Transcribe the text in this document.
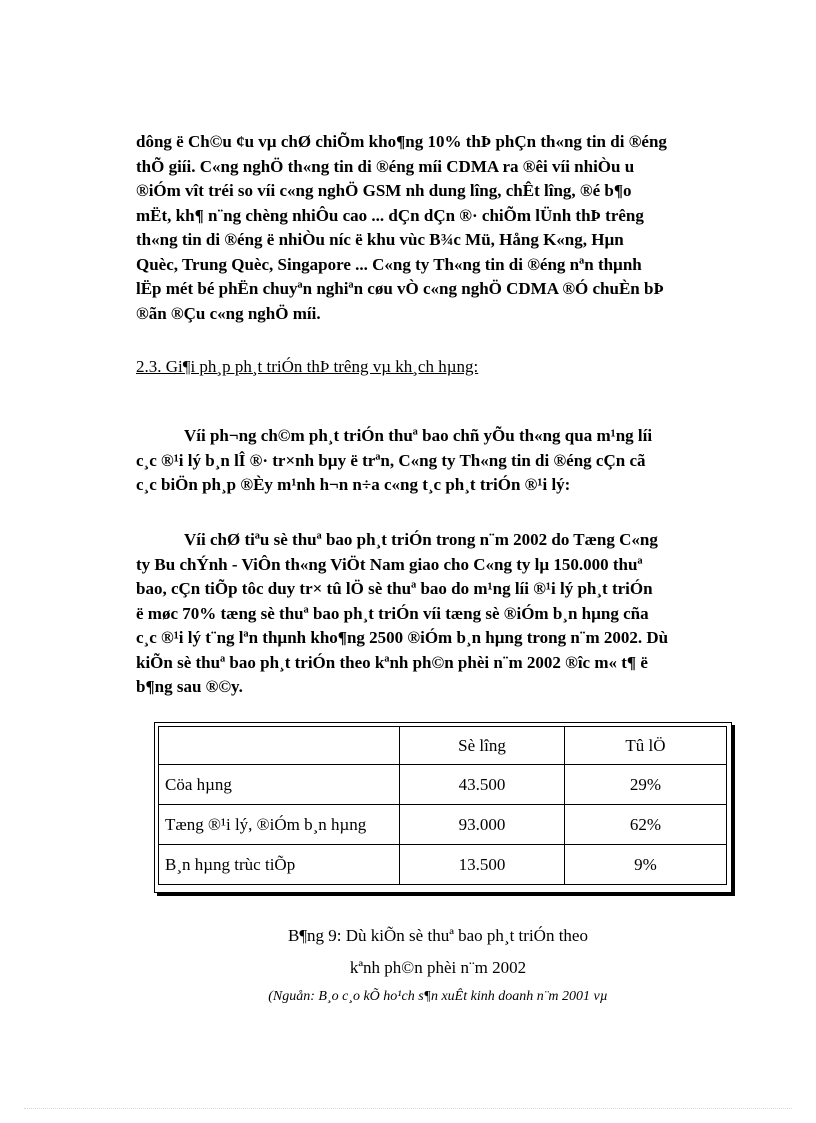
dông ë Ch©u ¢u vµ chØ chiÕm kho¶ng 10% thÞ phÇn th«ng tin di ®éng
thÕ giíi. C«ng nghÖ th«ng tin di ®éng míi CDMA ra ®êi víi nhiÒu u
®iÓm vît tréi so víi c«ng nghÖ GSM nh dung lîng, chÊt lîng, ®é b¶o
mËt, kh¶ n¨ng chèng nhiÔu cao ... dÇn dÇn ®· chiÕm lÜnh thÞ trêng
th«ng tin di ®éng ë nhiÒu níc ë khu vùc B¾c Mü, Hång K«ng, Hµn
Quèc, Trung Quèc, Singapore ... C«ng ty Th«ng tin di ®éng nªn thµnh
lËp mét bé phËn chuyªn nghiªn cøu vÒ c«ng nghÖ CDMA ®Ó chuÈn bÞ
®ãn ®Çu c«ng nghÖ míi.

2.3. Gi¶i ph¸p ph¸t triÓn thÞ trêng vµ kh¸ch hµng:

Víi ph¬ng ch©m ph¸t triÓn thuª bao chñ yÕu th«ng qua m¹ng líi
c¸c ®¹i lý b¸n lÎ ®· tr×nh bµy ë trªn, C«ng ty Th«ng tin di ®éng cÇn cã
c¸c biÖn ph¸p ®Èy m¹nh h¬n n÷a c«ng t¸c ph¸t triÓn ®¹i lý:

Víi chØ tiªu sè thuª bao ph¸t triÓn trong n¨m 2002 do Tæng C«ng
ty Bu chÝnh - ViÔn th«ng ViÖt Nam giao cho C«ng ty lµ 150.000 thuª
bao, cÇn tiÕp tôc duy tr× tû lÖ sè thuª bao do m¹ng líi ®¹i lý ph¸t triÓn
ë møc 70% tæng sè thuª bao ph¸t triÓn víi tæng sè ®iÓm b¸n hµng cña
c¸c ®¹i lý t¨ng lªn thµnh kho¶ng 2500 ®iÓm b¸n hµng trong n¨m 2002. Dù
kiÕn sè thuª bao ph¸t triÓn theo kªnh ph©n phèi n¨m 2002 ®îc m« t¶ ë
b¶ng sau ®©y.

	Sè lîng	Tû lÖ
Cöa hµng	43.500	29%
Tæng ®¹i lý, ®iÓm b¸n hµng	93.000	62%
B¸n hµng trùc tiÕp	13.500	9%

B¶ng 9: Dù kiÕn sè thuª bao ph¸t triÓn theo

kªnh ph©n phèi n¨m 2002

(Nguån: B¸o c¸o kÕ ho¹ch s¶n xuÊt kinh doanh n¨m 2001 vµ
